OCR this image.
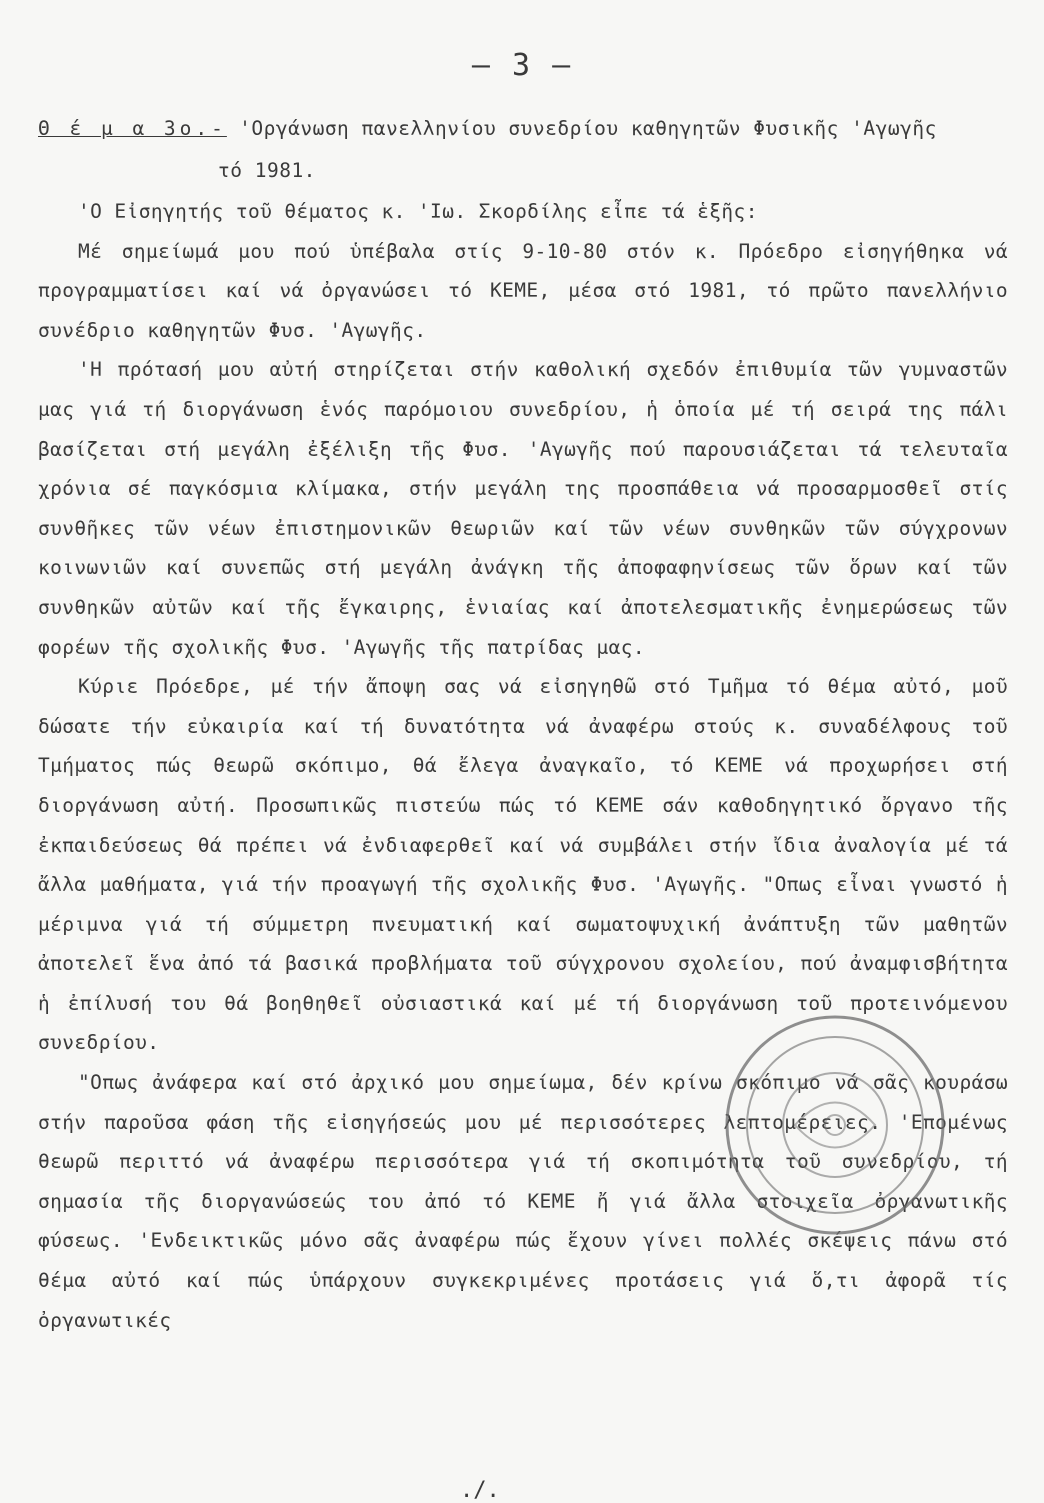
— 3 —
Θ έ μ α 3ο.- 'Οργάνωση πανελληνίου συνεδρίου καθηγητῶν Φυσικῆς 'Αγωγῆς
τό 1981.

'Ο Εἰσηγητής τοῦ θέματος κ. 'Ιω. Σκορδίλης εἶπε τά ἑξῆς:

Μέ σημείωμά μου πού ὑπέβαλα στίς 9-10-80 στόν κ. Πρόεδρο εἰσηγήθηκα νά προγραμματίσει καί νά ὀργανώσει τό ΚΕΜΕ, μέσα στό 1981, τό πρῶτο πανελλήνιο συνέδριο καθηγητῶν Φυσ. 'Αγωγῆς.

'Η πρότασή μου αὐτή στηρίζεται στήν καθολική σχεδόν ἐπιθυμία τῶν γυμναστῶν μας γιά τή διοργάνωση ἑνός παρόμοιου συνεδρίου, ἡ ὁποία μέ τή σειρά της πάλι βασίζεται στή μεγάλη ἐξέλιξη τῆς Φυσ. 'Αγωγῆς πού παρουσιάζεται τά τελευταῖα χρόνια σέ παγκόσμια κλίμακα, στήν μεγάλη της προσπάθεια νά προσαρμοσθεῖ στίς συνθῆκες τῶν νέων ἐπιστημονικῶν θεωριῶν καί τῶν νέων συνθηκῶν τῶν σύγχρονων κοινωνιῶν καί συνεπῶς στή μεγάλη ἀνάγκη τῆς ἀποφαφηνίσεως τῶν ὅρων καί τῶν συνθηκῶν αὐτῶν καί τῆς ἔγκαιρης, ἑνιαίας καί ἀποτελεσματικῆς ἐνημερώσεως τῶν φορέων τῆς σχολικῆς Φυσ. 'Αγωγῆς τῆς πατρίδας μας.

Κύριε Πρόεδρε, μέ τήν ἄποψη σας νά εἰσηγηθῶ στό Τμῆμα τό θέμα αὐτό, μοῦ δώσατε τήν εὐκαιρία καί τή δυνατότητα νά ἀναφέρω στούς κ. συναδέλφους τοῦ Τμήματος πώς θεωρῶ σκόπιμο, θά ἔλεγα ἀναγκαῖο, τό ΚΕΜΕ νά προχωρήσει στή διοργάνωση αὐτή. Προσωπικῶς πιστεύω πώς τό ΚΕΜΕ σάν καθοδηγητικό ὄργανο τῆς ἐκπαιδεύσεως θά πρέπει νά ἐνδιαφερθεῖ καί νά συμβάλει στήν ἴδια ἀναλογία μέ τά ἄλλα μαθήματα, γιά τήν προαγωγή τῆς σχολικῆς Φυσ. 'Αγωγῆς. "Οπως εἶναι γνωστό ἡ μέριμνα γιά τή σύμμετρη πνευματική καί σωματοψυχική ἀνάπτυξη τῶν μαθητῶν ἀποτελεῖ ἕνα ἀπό τά βασικά προβλήματα τοῦ σύγχρονου σχολείου, πού ἀναμφισβήτητα ἡ ἐπίλυσή του θά βοηθηθεῖ οὐσιαστικά καί μέ τή διοργάνωση τοῦ προτεινόμενου συνεδρίου.

"Οπως ἀνάφερα καί στό ἀρχικό μου σημείωμα, δέν κρίνω σκόπιμο νά σᾶς κουράσω στήν παροῦσα φάση τῆς εἰσηγήσεώς μου μέ περισσότερες λεπτομέρειες. 'Επομένως θεωρῶ περιττό νά ἀναφέρω περισσότερα γιά τή σκοπιμότητα τοῦ συνεδρίου, τή σημασία τῆς διοργανώσεώς του ἀπό τό ΚΕΜΕ ἤ γιά ἄλλα στοιχεῖα ὀργανωτικῆς φύσεως. 'Ενδεικτικῶς μόνο σᾶς ἀναφέρω πώς ἔχουν γίνει πολλές σκέψεις πάνω στό θέμα αὐτό καί πώς ὑπάρχουν συγκεκριμένες προτάσεις γιά ὅ,τι ἀφορᾶ τίς ὀργανωτικές

./.
